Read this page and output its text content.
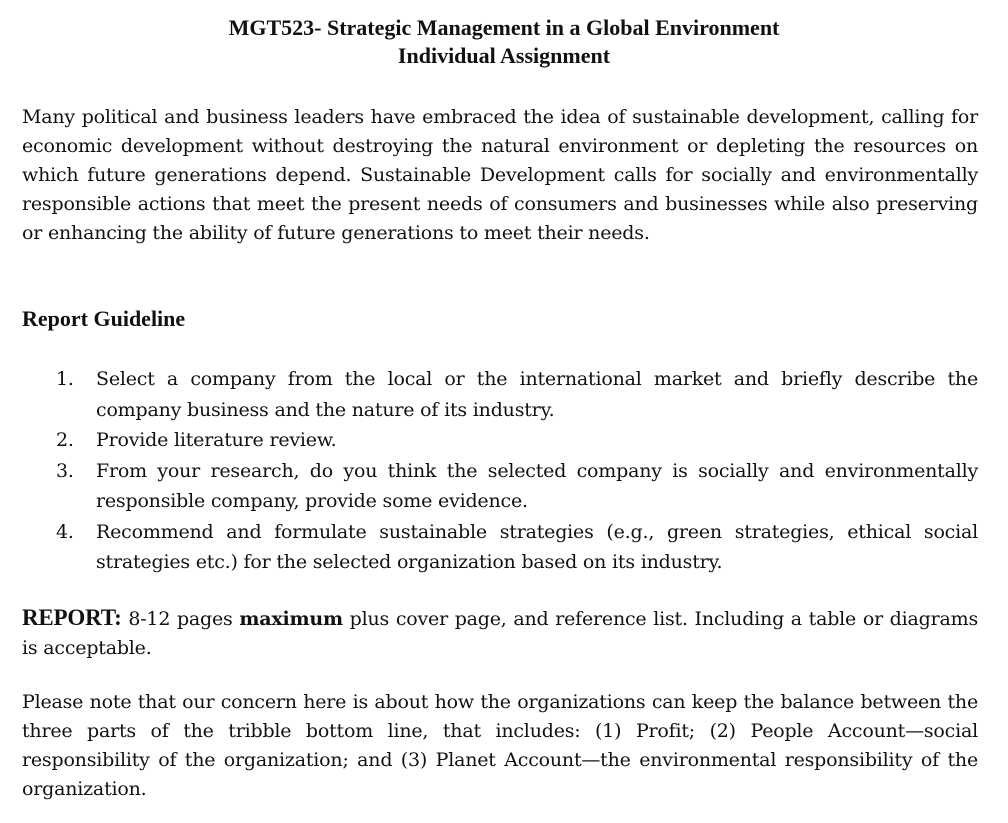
MGT523- Strategic Management in a Global Environment
Individual Assignment
Many political and business leaders have embraced the idea of sustainable development, calling for economic development without destroying the natural environment or depleting the resources on which future generations depend. Sustainable Development calls for socially and environmentally responsible actions that meet the present needs of consumers and businesses while also preserving or enhancing the ability of future generations to meet their needs.
Report Guideline
1.	Select a company from the local or the international market and briefly describe the company business and the nature of its industry.
2.	Provide literature review.
3.	From your research, do you think the selected company is socially and environmentally responsible company, provide some evidence.
4.	Recommend and formulate sustainable strategies (e.g., green strategies, ethical social strategies etc.) for the selected organization based on its industry.
REPORT: 8-12 pages maximum plus cover page, and reference list. Including a table or diagrams is acceptable.
Please note that our concern here is about how the organizations can keep the balance between the three parts of the tribble bottom line, that includes: (1) Profit; (2) People Account—social responsibility of the organization; and (3) Planet Account—the environmental responsibility of the organization.
